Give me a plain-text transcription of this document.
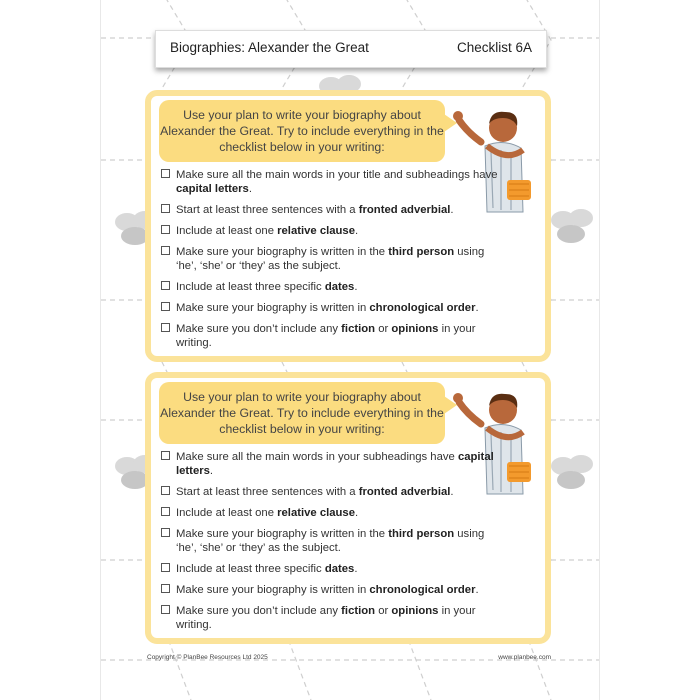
Biographies: Alexander the Great	Checklist 6A
Use your plan to write your biography about
Alexander the Great. Try to include everything in the
checklist below in your writing:
Make sure all the main words in your title and subheadings have capital letters.
Start at least three sentences with a fronted adverbial.
Include at least one relative clause.
Make sure your biography is written in the third person using ‘he’, ‘she’ or ‘they’ as the subject.
Include at least three specific dates.
Make sure your biography is written in chronological order.
Make sure you don’t include any fiction or opinions in your writing.
Use your plan to write your biography about
Alexander the Great. Try to include everything in the
checklist below in your writing:
Make sure all the main words in your subheadings have capital letters.
Start at least three sentences with a fronted adverbial.
Include at least one relative clause.
Make sure your biography is written in the third person using ‘he’, ‘she’ or ‘they’ as the subject.
Include at least three specific dates.
Make sure your biography is written in chronological order.
Make sure you don’t include any fiction or opinions in your writing.
Copyright © PlanBee Resources Ltd 2025	www.planbee.com
